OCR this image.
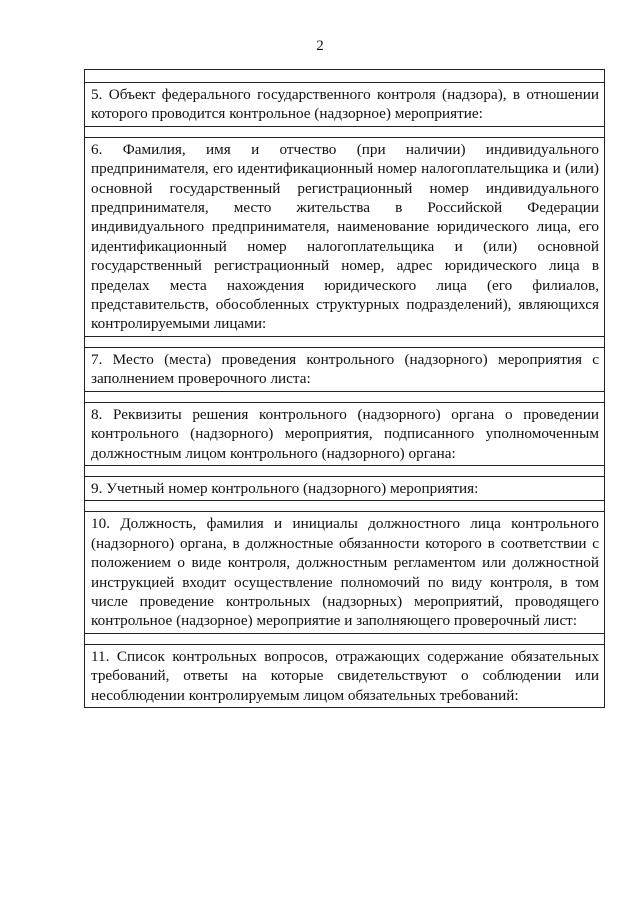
2
5. Объект федерального государственного контроля (надзора), в отношении которого проводится контрольное (надзорное) мероприятие:
6. Фамилия, имя и отчество (при наличии) индивидуального предпринимателя, его идентификационный номер налогоплательщика и (или) основной государственный регистрационный номер индивидуального предпринимателя, место жительства в Российской Федерации индивидуального предпринимателя, наименование юридического лица, его идентификационный номер налогоплательщика и (или) основной государственный регистрационный номер, адрес юридического лица в пределах места нахождения юридического лица (его филиалов, представительств, обособленных структурных подразделений), являющихся контролируемыми лицами:
7. Место (места) проведения контрольного (надзорного) мероприятия с заполнением проверочного листа:
8. Реквизиты решения контрольного (надзорного) органа о проведении контрольного (надзорного) мероприятия, подписанного уполномоченным должностным лицом контрольного (надзорного) органа:
9. Учетный номер контрольного (надзорного) мероприятия:
10. Должность, фамилия и инициалы должностного лица контрольного (надзорного) органа, в должностные обязанности которого в соответствии с положением о виде контроля, должностным регламентом или должностной инструкцией входит осуществление полномочий по виду контроля, в том числе проведение контрольных (надзорных) мероприятий, проводящего контрольное (надзорное) мероприятие и заполняющего проверочный лист:
11. Список контрольных вопросов, отражающих содержание обязательных требований, ответы на которые свидетельствуют о соблюдении или несоблюдении контролируемым лицом обязательных требований:
